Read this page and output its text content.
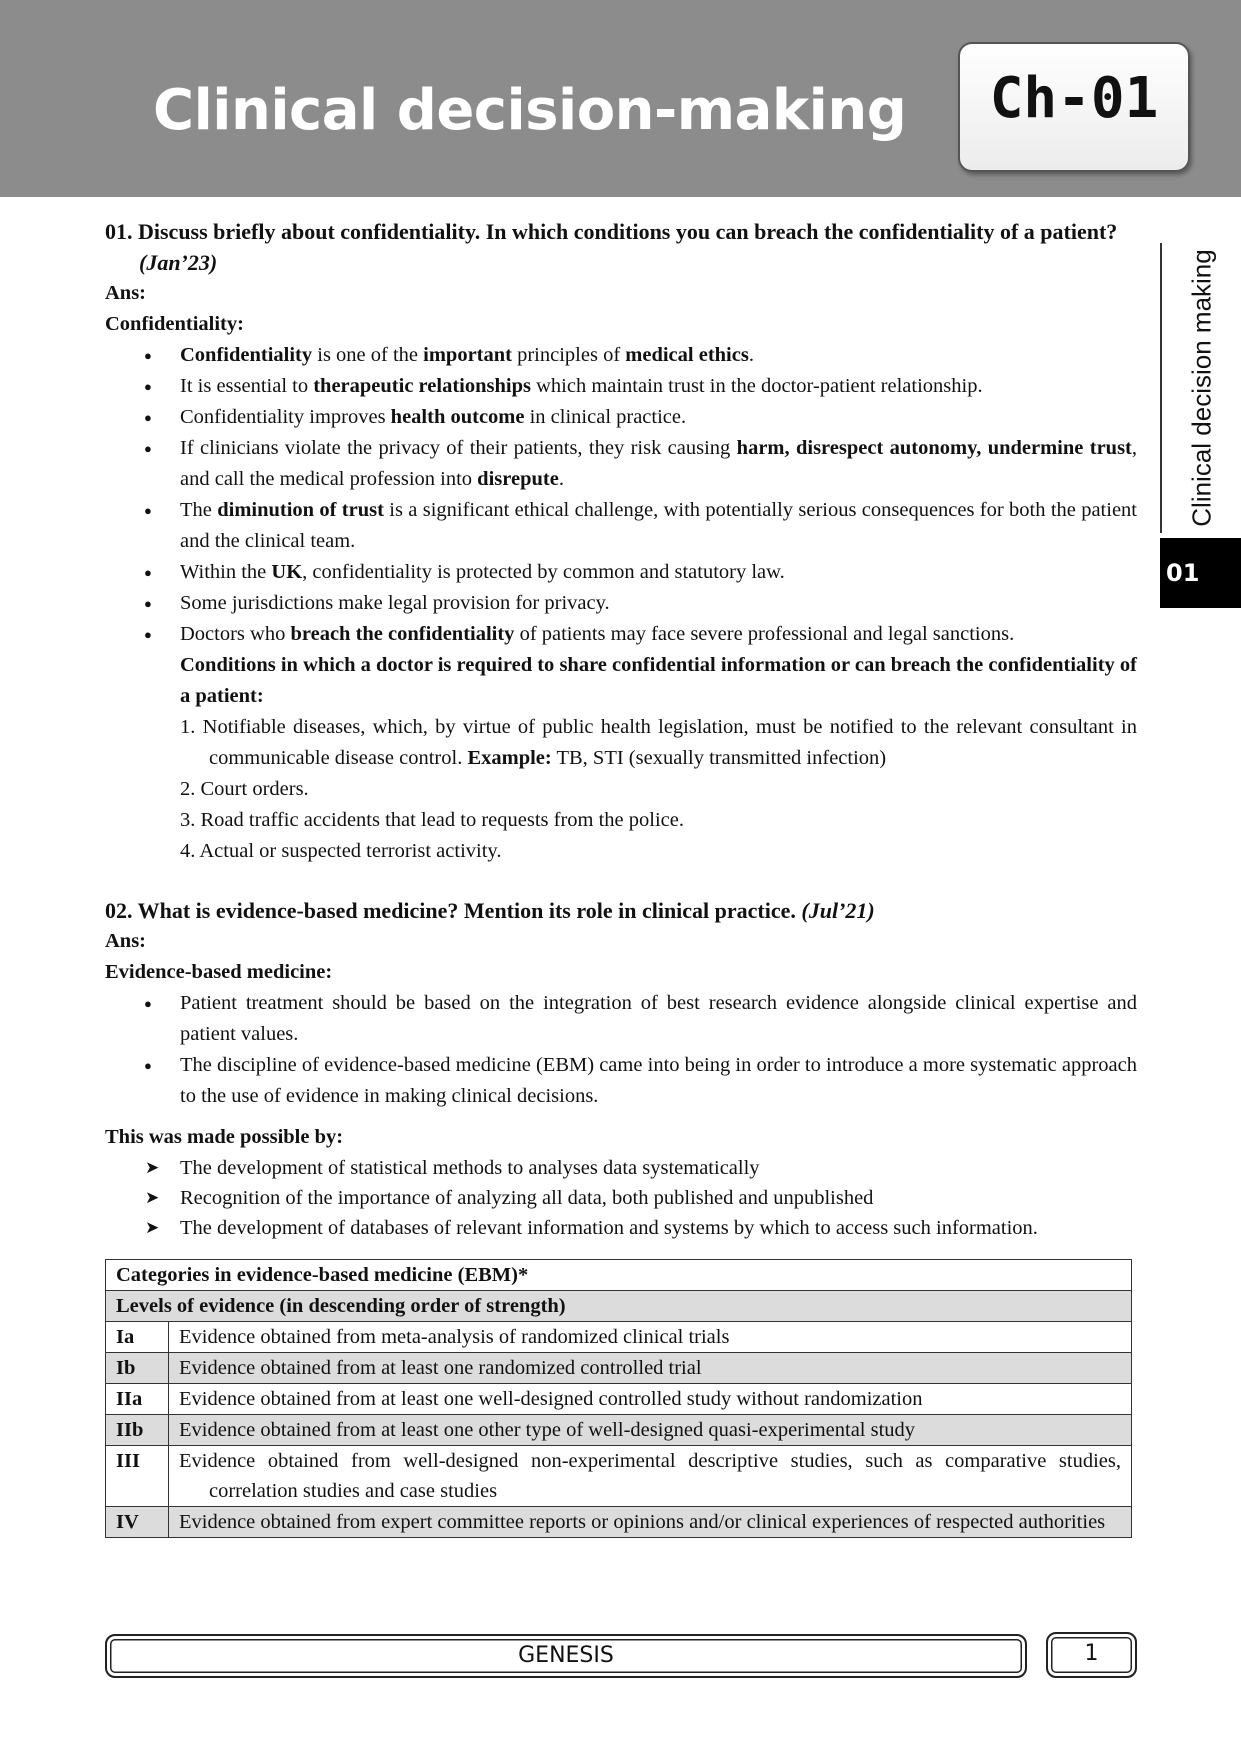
Clinical decision-making	Ch-01
Clinical decision making
01
01. Discuss briefly about confidentiality. In which conditions you can breach the confidentiality of a patient? (Jan’23)
Ans:
Confidentiality:
● Confidentiality is one of the important principles of medical ethics.
● It is essential to therapeutic relationships which maintain trust in the doctor-patient relationship.
● Confidentiality improves health outcome in clinical practice.
● If clinicians violate the privacy of their patients, they risk causing harm, disrespect autonomy, undermine trust, and call the medical profession into disrepute.
● The diminution of trust is a significant ethical challenge, with potentially serious consequences for both the patient and the clinical team.
● Within the UK, confidentiality is protected by common and statutory law.
● Some jurisdictions make legal provision for privacy.
● Doctors who breach the confidentiality of patients may face severe professional and legal sanctions.
Conditions in which a doctor is required to share confidential information or can breach the confidentiality of a patient:
1. Notifiable diseases, which, by virtue of public health legislation, must be notified to the relevant consultant in communicable disease control. Example: TB, STI (sexually transmitted infection)
2. Court orders.
3. Road traffic accidents that lead to requests from the police.
4. Actual or suspected terrorist activity.
02. What is evidence-based medicine? Mention its role in clinical practice. (Jul’21)
Ans:
Evidence-based medicine:
● Patient treatment should be based on the integration of best research evidence alongside clinical expertise and patient values.
● The discipline of evidence-based medicine (EBM) came into being in order to introduce a more systematic approach to the use of evidence in making clinical decisions.
This was made possible by:
➤ The development of statistical methods to analyses data systematically
➤ Recognition of the importance of analyzing all data, both published and unpublished
➤ The development of databases of relevant information and systems by which to access such information.
Categories in evidence-based medicine (EBM)*	
Levels of evidence (in descending order of strength)	
Ia	Evidence obtained from meta-analysis of randomized clinical trials

Ib	Evidence obtained from at least one randomized controlled trial

IIa	Evidence obtained from at least one well-designed controlled study without randomization

IIb	Evidence obtained from at least one other type of well-designed quasi-experimental study

III	Evidence obtained from well-designed non-experimental descriptive studies, such as comparative studies, correlation studies and case studies

IV	Evidence obtained from expert committee reports or opinions and/or clinical experiences of respected authorities
GENESIS	1
